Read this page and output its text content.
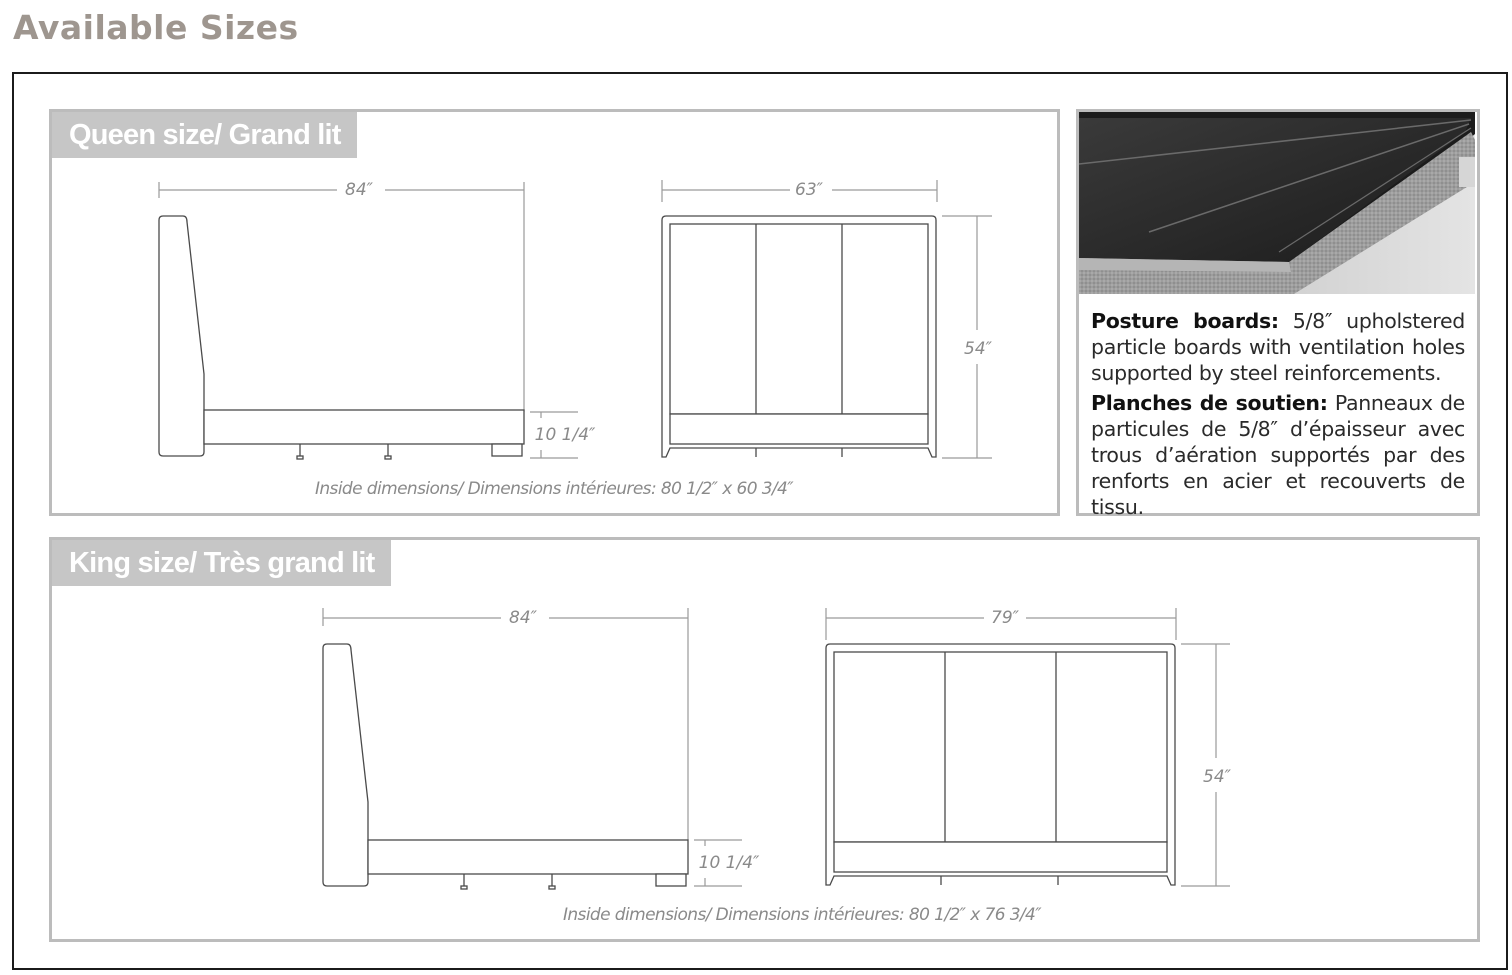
Available Sizes
Queen size/ Grand lit
84″
10 1/4″
54″
63″
Inside dimensions/ Dimensions intérieures: 80 1/2″ x 60 3/4″

Posture boards: 5/8″ upholstered particle boards with ventilation holes supported by steel reinforcements.

Planches de soutien: Panneaux de particules de 5/8″ d’épaisseur avec trous d’aération supportés par des renforts en acier et recouverts de tissu.

King size/ Très grand lit
84″
10 1/4″
54″
79″
Inside dimensions/ Dimensions intérieures: 80 1/2″ x 76 3/4″
